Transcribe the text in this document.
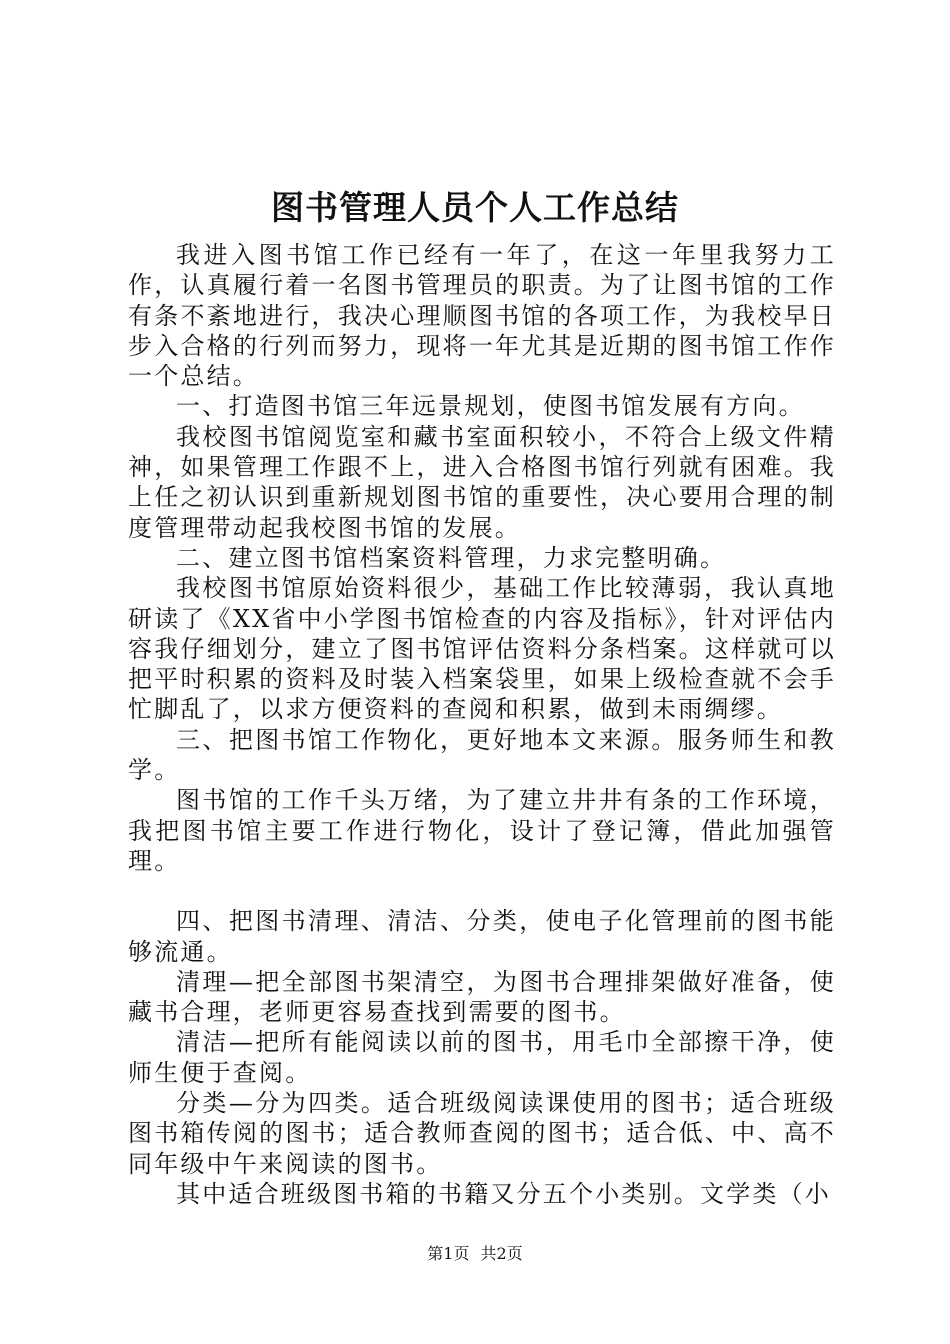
图书管理人员个人工作总结

我进入图书馆工作已经有一年了，在这一年里我努力工作，认真履行着一名图书管理员的职责。为了让图书馆的工作有条不紊地进行，我决心理顺图书馆的各项工作，为我校早日步入合格的行列而努力，现将一年尤其是近期的图书馆工作作一个总结。

一、打造图书馆三年远景规划，使图书馆发展有方向。

我校图书馆阅览室和藏书室面积较小，不符合上级文件精神，如果管理工作跟不上，进入合格图书馆行列就有困难。我上任之初认识到重新规划图书馆的重要性，决心要用合理的制度管理带动起我校图书馆的发展。

二、建立图书馆档案资料管理，力求完整明确。

我校图书馆原始资料很少，基础工作比较薄弱，我认真地研读了《XX省中小学图书馆检查的内容及指标》，针对评估内容我仔细划分，建立了图书馆评估资料分条档案。这样就可以把平时积累的资料及时装入档案袋里，如果上级检查就不会手忙脚乱了，以求方便资料的查阅和积累，做到未雨绸缪。

三、把图书馆工作物化，更好地本文来源。服务师生和教学。

图书馆的工作千头万绪，为了建立井井有条的工作环境，我把图书馆主要工作进行物化，设计了登记簿，借此加强管理。

四、把图书清理、清洁、分类，使电子化管理前的图书能够流通。

清理—把全部图书架清空，为图书合理排架做好准备，使藏书合理，老师更容易查找到需要的图书。

清洁—把所有能阅读以前的图书，用毛巾全部擦干净，使师生便于查阅。

分类—分为四类。适合班级阅读课使用的图书；适合班级图书箱传阅的图书；适合教师查阅的图书；适合低、中、高不同年级中午来阅读的图书。

其中适合班级图书箱的书籍又分五个小类别。文学类（小

第1页 共2页
